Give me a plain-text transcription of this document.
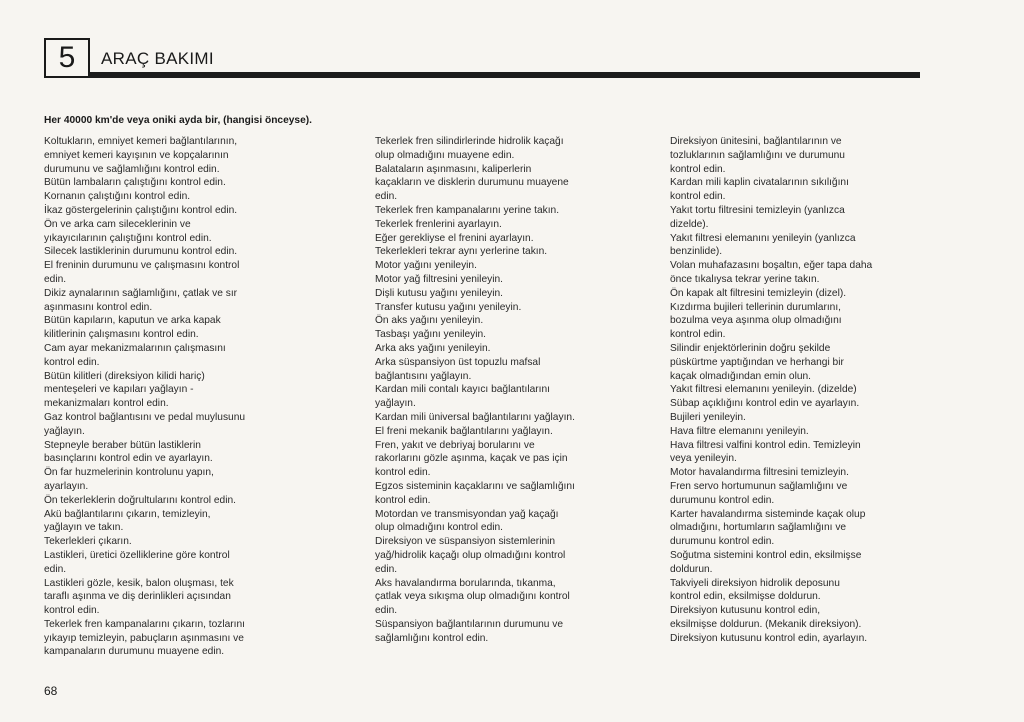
5 ARAÇ BAKIMI
Her 40000 km'de veya oniki ayda bir, (hangisi önceyse).
Koltukların, emniyet kemeri bağlantılarının,
emniyet kemeri kayışının ve kopçalarının
durumunu ve sağlamlığını kontrol edin.
Bütün lambaların çalıştığını kontrol edin.
Kornanın çalıştığını kontrol edin.
İkaz göstergelerinin çalıştığını kontrol edin.
Ön ve arka cam sileceklerinin ve
yıkayıcılarının çalıştığını kontrol edin.
Silecek lastiklerinin durumunu kontrol edin.
El freninin durumunu ve çalışmasını kontrol
edin.
Dikiz aynalarının sağlamlığını, çatlak ve sır
aşınmasını kontrol edin.
Bütün kapıların, kaputun ve arka kapak
kilitlerinin çalışmasını kontrol edin.
Cam ayar mekanizmalarının çalışmasını
kontrol edin.
Bütün kilitleri (direksiyon kilidi hariç)
menteşeleri ve kapıları yağlayın -
mekanizmaları kontrol edin.
Gaz kontrol bağlantısını ve pedal muylusunu
yağlayın.
Stepneyle beraber bütün lastiklerin
basınçlarını kontrol edin ve ayarlayın.
Ön far huzmelerinin kontrolunu yapın,
ayarlayın.
Ön tekerleklerin doğrultularını kontrol edin.
Akü bağlantılarını çıkarın, temizleyin,
yağlayın ve takın.
Tekerlekleri çıkarın.
Lastikleri, üretici özelliklerine göre kontrol
edin.
Lastikleri gözle, kesik, balon oluşması, tek
taraflı aşınma ve diş derinlikleri açısından
kontrol edin.
Tekerlek fren kampanalarını çıkarın, tozlarını
yıkayıp temizleyin, pabuçların aşınmasını ve
kampanaların durumunu muayene edin.
Tekerlek fren silindirlerinde hidrolik kaçağı
olup olmadığını muayene edin.
Balataların aşınmasını, kaliperlerin
kaçakların ve disklerin durumunu muayene
edin.
Tekerlek fren kampanalarını yerine takın.
Tekerlek frenlerini ayarlayın.
Eğer gerekliyse el frenini ayarlayın.
Tekerlekleri tekrar aynı yerlerine takın.
Motor yağını yenileyin.
Motor yağ filtresini yenileyin.
Dişli kutusu yağını yenileyin.
Transfer kutusu yağını yenileyin.
Ön aks yağını yenileyin.
Tasbaşı yağını yenileyin.
Arka aks yağını yenileyin.
Arka süspansiyon üst topuzlu mafsal
bağlantısını yağlayın.
Kardan mili contalı kayıcı bağlantılarını
yağlayın.
Kardan mili üniversal bağlantılarını yağlayın.
El freni mekanik bağlantılarını yağlayın.
Fren, yakıt ve debriyaj borularını ve
rakorlarını gözle aşınma, kaçak ve pas için
kontrol edin.
Egzos sisteminin kaçaklarını ve sağlamlığını
kontrol edin.
Motordan ve transmisyondan yağ kaçağı
olup olmadığını kontrol edin.
Direksiyon ve süspansiyon sistemlerinin
yağ/hidrolik kaçağı olup olmadığını kontrol
edin.
Aks havalandırma borularında, tıkanma,
çatlak veya sıkışma olup olmadığını kontrol
edin.
Süspansiyon bağlantılarının durumunu ve
sağlamlığını kontrol edin.
Direksiyon ünitesini, bağlantılarının ve
tozluklarının sağlamlığını ve durumunu
kontrol edin.
Kardan mili kaplin civatalarının sıkılığını
kontrol edin.
Yakıt tortu filtresini temizleyin (yanlızca
dizelde).
Yakıt filtresi elemanını yenileyin (yanlızca
benzinlide).
Volan muhafazasını boşaltın, eğer tapa daha
önce tıkalıysa tekrar yerine takın.
Ön kapak alt filtresini temizleyin (dizel).
Kızdırma bujileri tellerinin durumlarını,
bozulma veya aşınma olup olmadığını
kontrol edin.
Silindir enjektörlerinin doğru şekilde
püskürtme yaptığından ve herhangi bir
kaçak olmadığından emin olun.
Yakıt filtresi elemanını yenileyin. (dizelde)
Sübap açıklığını kontrol edin ve ayarlayın.
Bujileri yenileyin.
Hava filtre elemanını yenileyin.
Hava filtresi valfini kontrol edin. Temizleyin
veya yenileyin.
Motor havalandırma filtresini temizleyin.
Fren servo hortumunun sağlamlığını ve
durumunu kontrol edin.
Karter havalandırma sisteminde kaçak olup
olmadığını, hortumların sağlamlığını ve
durumunu kontrol edin.
Soğutma sistemini kontrol edin, eksilmişse
doldurun.
Takviyeli direksiyon hidrolik deposunu
kontrol edin, eksilmişse doldurun.
Direksiyon kutusunu kontrol edin,
eksilmişse doldurun. (Mekanik direksiyon).
Direksiyon kutusunu kontrol edin, ayarlayın.
68
